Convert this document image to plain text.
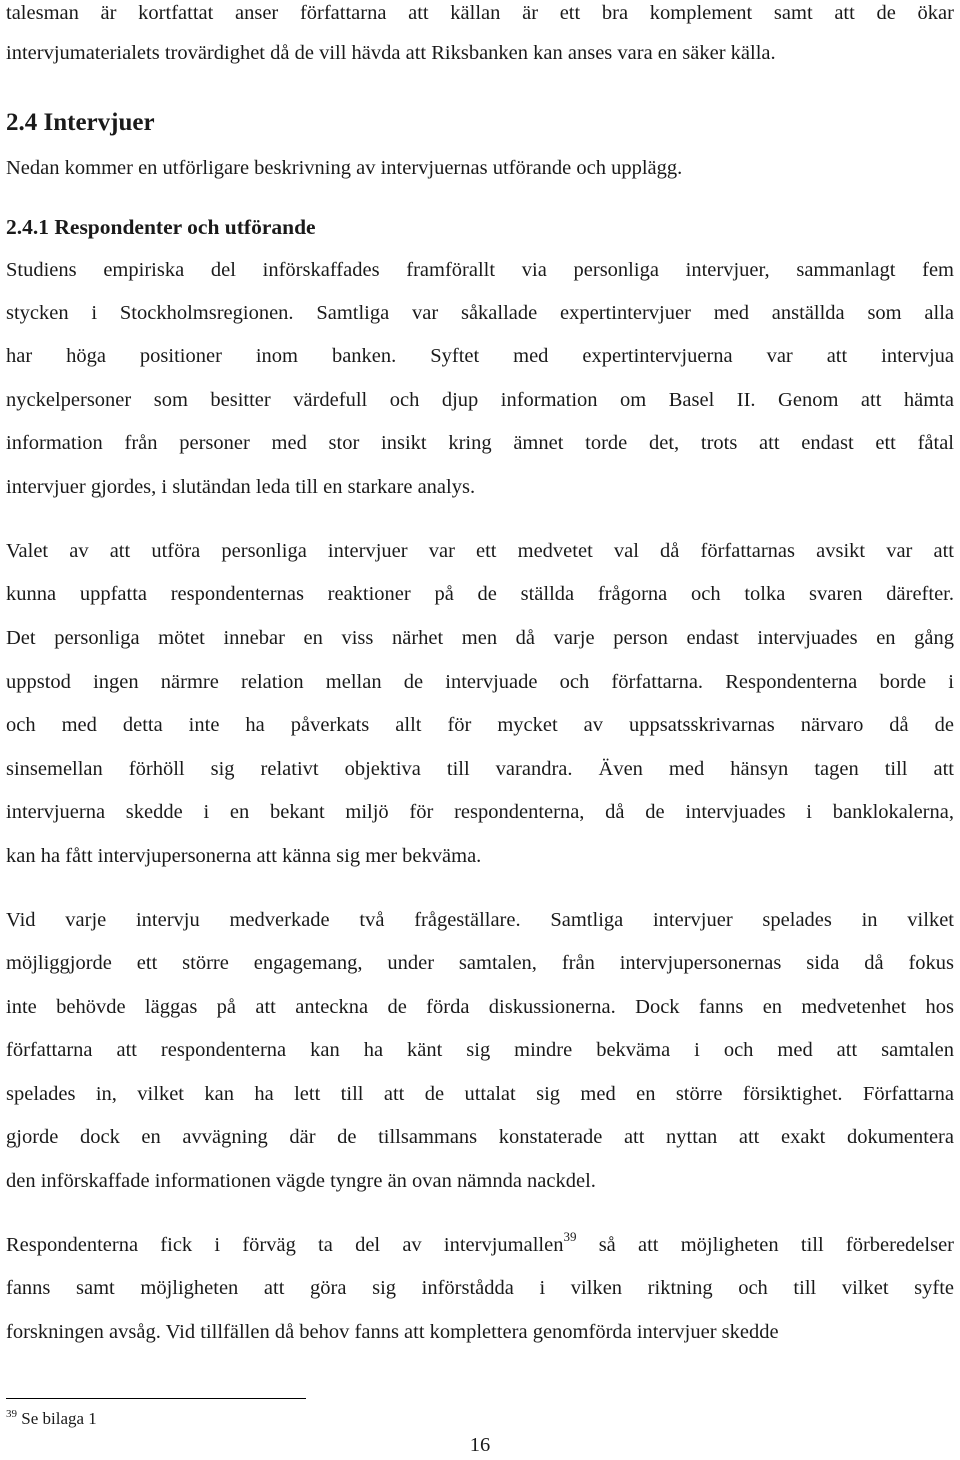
talesman är kortfattat anser författarna att källan är ett bra komplement samt att de ökar
intervjumaterialets trovärdighet då de vill hävda att Riksbanken kan anses vara en säker källa.
2.4 Intervjuer
Nedan kommer en utförligare beskrivning av intervjuernas utförande och upplägg.
2.4.1 Respondenter och utförande
Studiens empiriska del införskaffades framförallt via personliga intervjuer, sammanlagt fem
stycken i Stockholmsregionen. Samtliga var såkallade expertintervjuer med anställda som alla
har höga positioner inom banken. Syftet med expertintervjuerna var att intervjua
nyckelpersoner som besitter värdefull och djup information om Basel II. Genom att hämta
information från personer med stor insikt kring ämnet torde det, trots att endast ett fåtal
intervjuer gjordes, i slutändan leda till en starkare analys.
Valet av att utföra personliga intervjuer var ett medvetet val då författarnas avsikt var att
kunna uppfatta respondenternas reaktioner på de ställda frågorna och tolka svaren därefter.
Det personliga mötet innebar en viss närhet men då varje person endast intervjuades en gång
uppstod ingen närmre relation mellan de intervjuade och författarna. Respondenterna borde i
och med detta inte ha påverkats allt för mycket av uppsatsskrivarnas närvaro då de
sinsemellan förhöll sig relativt objektiva till varandra. Även med hänsyn tagen till att
intervjuerna skedde i en bekant miljö för respondenterna, då de intervjuades i banklokalerna,
kan ha fått intervjupersonerna att känna sig mer bekväma.
Vid varje intervju medverkade två frågeställare. Samtliga intervjuer spelades in vilket
möjliggjorde ett större engagemang, under samtalen, från intervjupersonernas sida då fokus
inte behövde läggas på att anteckna de förda diskussionerna. Dock fanns en medvetenhet hos
författarna att respondenterna kan ha känt sig mindre bekväma i och med att samtalen
spelades in, vilket kan ha lett till att de uttalat sig med en större försiktighet. Författarna
gjorde dock en avvägning där de tillsammans konstaterade att nyttan att exakt dokumentera
den införskaffade informationen vägde tyngre än ovan nämnda nackdel.
Respondenterna fick i förväg ta del av intervjumallen$^{39}$ så att möjligheten till förberedelser
fanns samt möjligheten att göra sig införstådda i vilken riktning och till vilket syfte
forskningen avsåg. Vid tillfällen då behov fanns att komplettera genomförda intervjuer skedde
$^{39}$ Se bilaga 1
16
